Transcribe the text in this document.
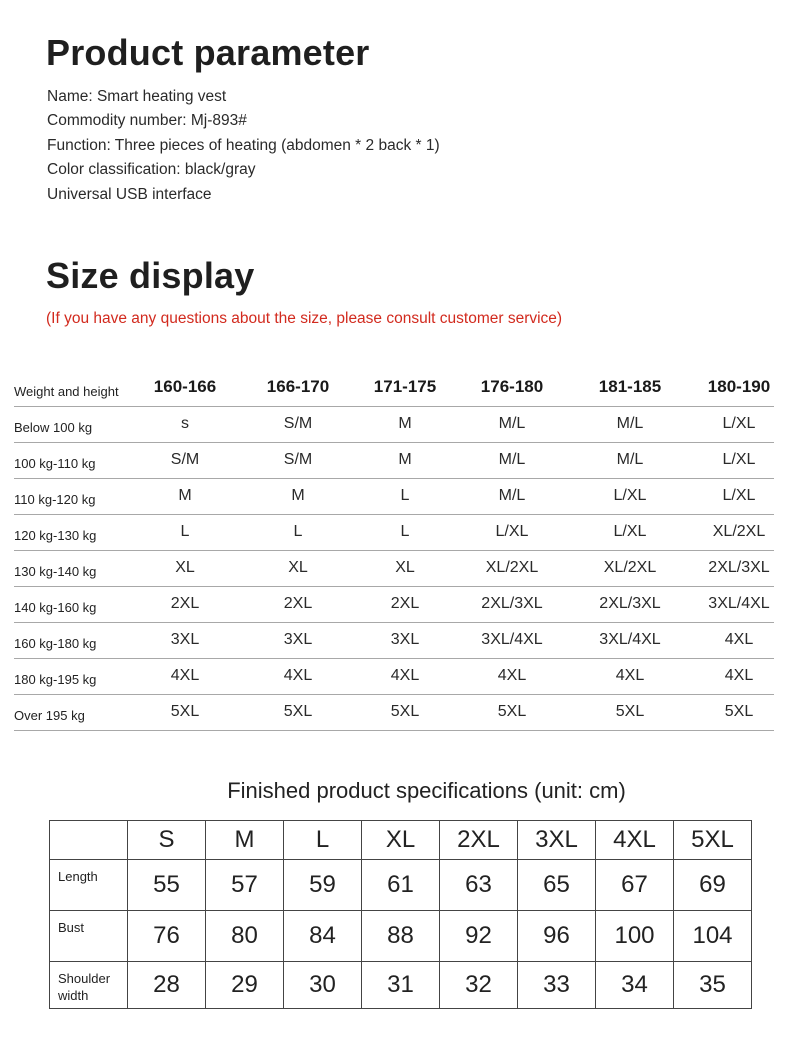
Product parameter
Name: Smart heating vest
Commodity number: Mj-893#
Function: Three pieces of heating (abdomen * 2 back * 1)
Color classification: black/gray
Universal USB interface
Size display
(If you have any questions about the size, please consult customer service)
Weight and height	160-166	166-170	171-175	176-180	181-185	180-190
Below 100 kg	s	S/M	M	M/L	M/L	L/XL
100 kg-110 kg	S/M	S/M	M	M/L	M/L	L/XL
110 kg-120 kg	M	M	L	M/L	L/XL	L/XL
120 kg-130 kg	L	L	L	L/XL	L/XL	XL/2XL
130 kg-140 kg	XL	XL	XL	XL/2XL	XL/2XL	2XL/3XL
140 kg-160 kg	2XL	2XL	2XL	2XL/3XL	2XL/3XL	3XL/4XL
160 kg-180 kg	3XL	3XL	3XL	3XL/4XL	3XL/4XL	4XL
180 kg-195 kg	4XL	4XL	4XL	4XL	4XL	4XL
Over 195 kg	5XL	5XL	5XL	5XL	5XL	5XL
Finished product specifications (unit: cm)
	S	M	L	XL	2XL	3XL	4XL	5XL
Length	55	57	59	61	63	65	67	69
Bust	76	80	84	88	92	96	100	104
Shoulder width	28	29	30	31	32	33	34	35
